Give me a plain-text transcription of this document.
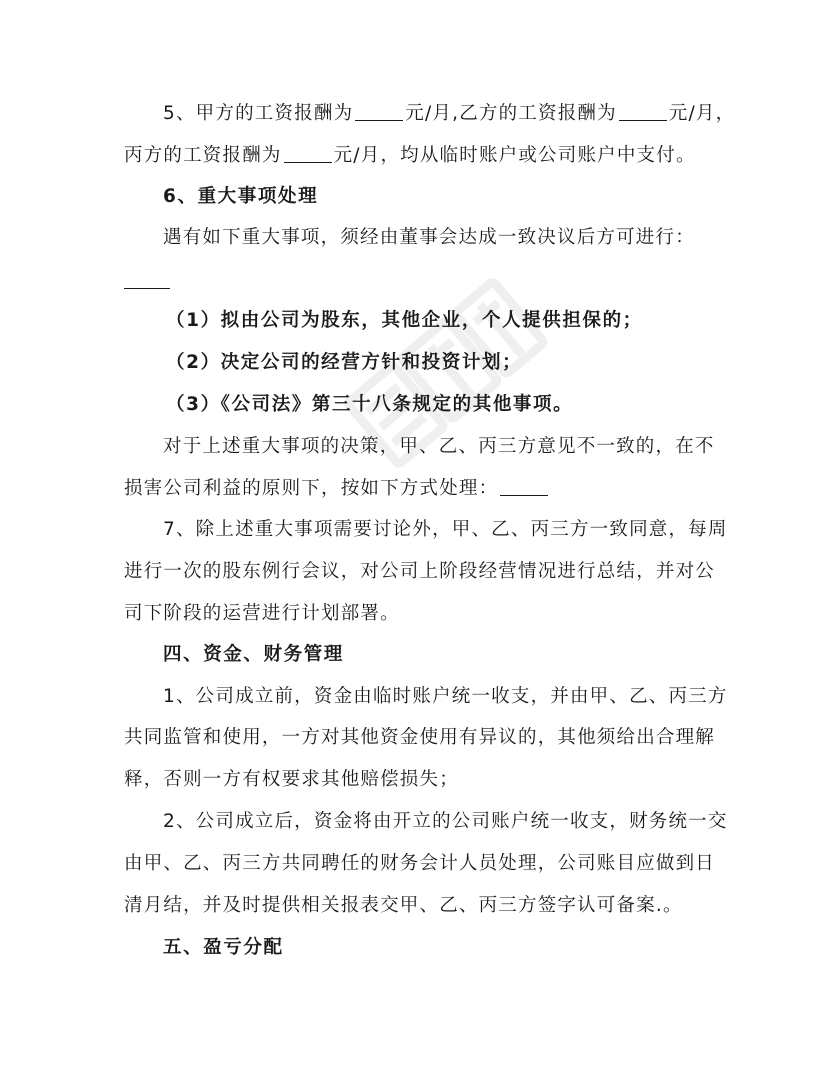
5、甲方的工资报酬为	元/月,乙方的工资报酬为	元/月，
丙方的工资报酬为	元/月，均从临时账户或公司账户中支付。
6、重大事项处理
遇有如下重大事项，须经由董事会达成一致决议后方可进行：
（1）拟由公司为股东，其他企业，个人提供担保的；
（2）决定公司的经营方针和投资计划；
（3）《公司法》第三十八条规定的其他事项。
对于上述重大事项的决策，甲、乙、丙三方意见不一致的，在不
损害公司利益的原则下，按如下方式处理：
7、除上述重大事项需要讨论外，甲、乙、丙三方一致同意，每周
进行一次的股东例行会议，对公司上阶段经营情况进行总结，并对公
司下阶段的运营进行计划部署。
四、资金、财务管理
1、公司成立前，资金由临时账户统一收支，并由甲、乙、丙三方
共同监管和使用，一方对其他资金使用有异议的，其他须给出合理解
释，否则一方有权要求其他赔偿损失；
2、公司成立后，资金将由开立的公司账户统一收支，财务统一交
由甲、乙、丙三方共同聘任的财务会计人员处理，公司账目应做到日
清月结，并及时提供相关报表交甲、乙、丙三方签字认可备案.。
五、盈亏分配
